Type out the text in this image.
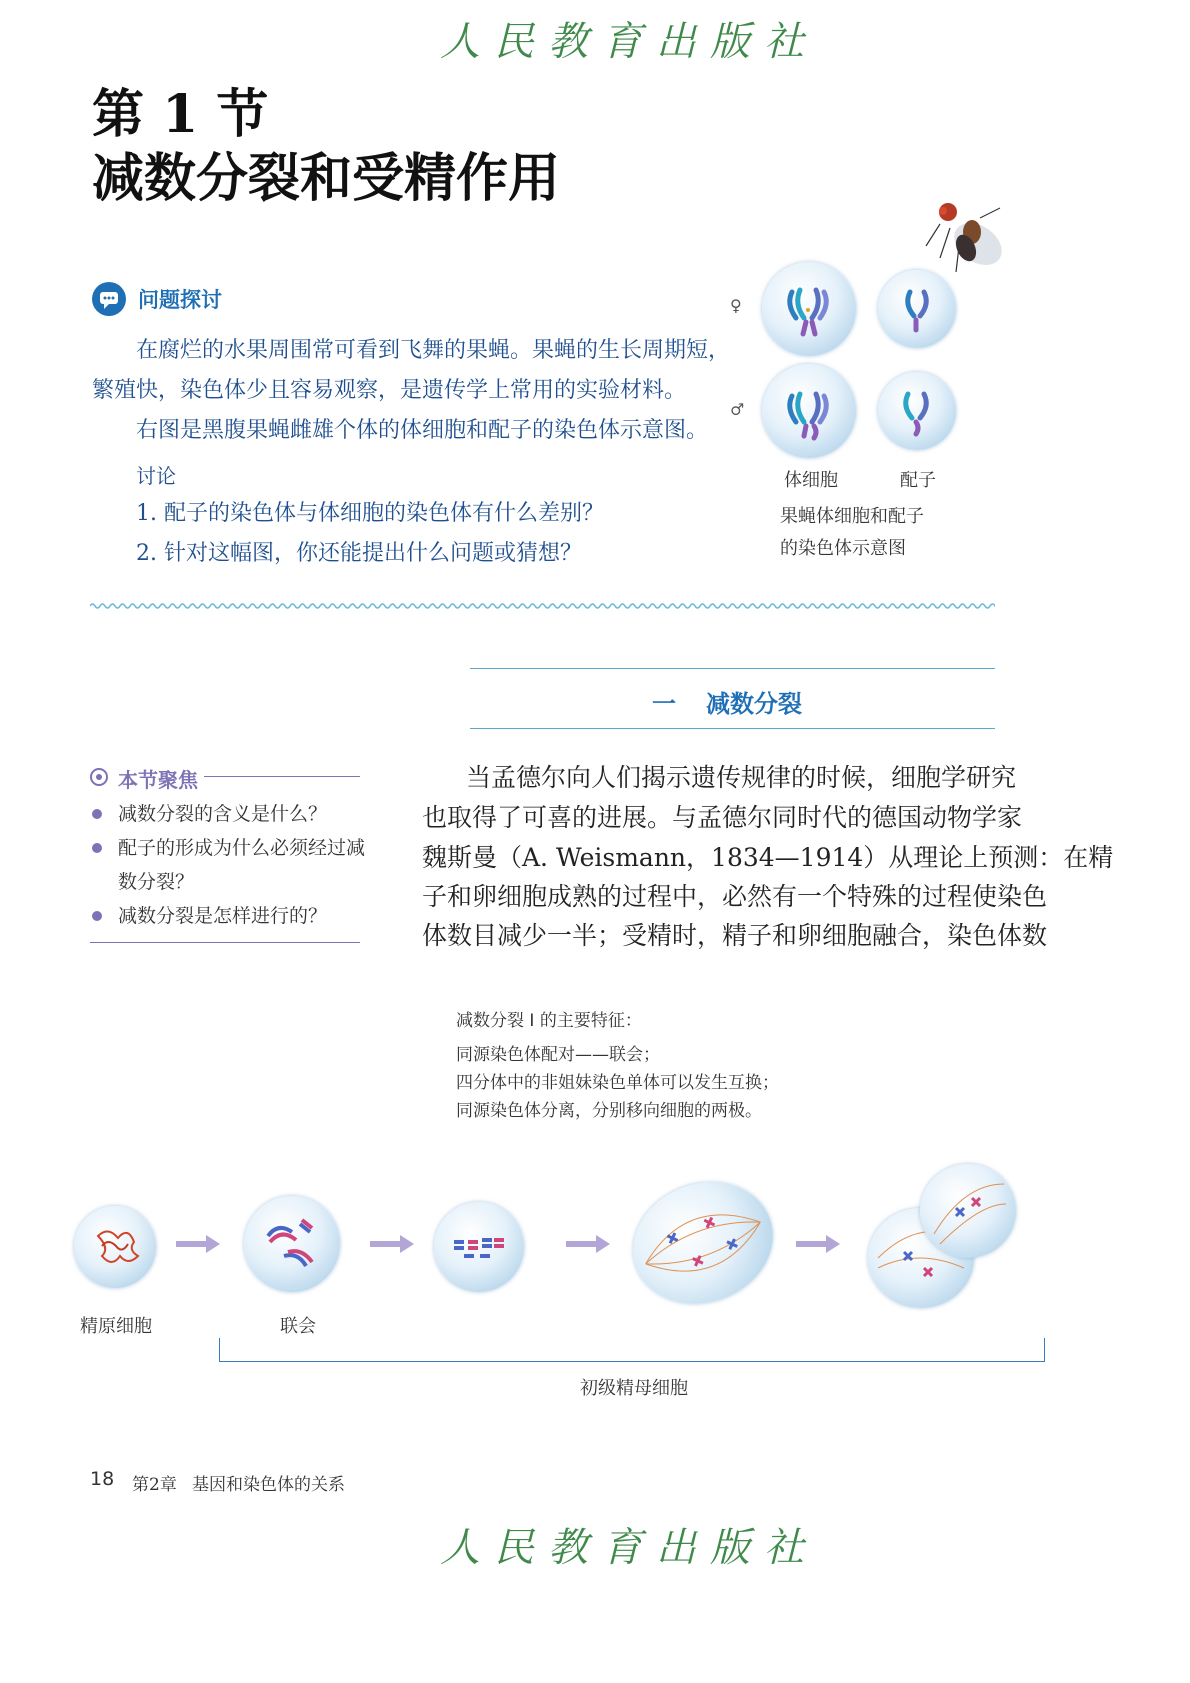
人民教育出版社
第 1 节
减数分裂和受精作用
问题探讨
在腐烂的水果周围常可看到飞舞的果蝇。果蝇的生长周期短，
繁殖快，染色体少且容易观察，是遗传学上常用的实验材料。
右图是黑腹果蝇雌雄个体的体细胞和配子的染色体示意图。
讨论
1. 配子的染色体与体细胞的染色体有什么差别？
2. 针对这幅图，你还能提出什么问题或猜想？
♀
♂
体细胞	配子
果蝇体细胞和配子
的染色体示意图
一 减数分裂
本节聚焦
减数分裂的含义是什么？
配子的形成为什么必须经过减
数分裂？
减数分裂是怎样进行的？
当孟德尔向人们揭示遗传规律的时候，细胞学研究
也取得了可喜的进展。与孟德尔同时代的德国动物学家
魏斯曼（A. Weismann，1834—1914）从理论上预测：在精
子和卵细胞成熟的过程中，必然有一个特殊的过程使染色
体数目减少一半；受精时，精子和卵细胞融合，染色体数
减数分裂 I 的主要特征：
同源染色体配对——联会；
四分体中的非姐妹染色单体可以发生互换；
同源染色体分离，分别移向细胞的两极。
精原细胞	联会
初级精母细胞
18 第2章 基因和染色体的关系
人民教育出版社
